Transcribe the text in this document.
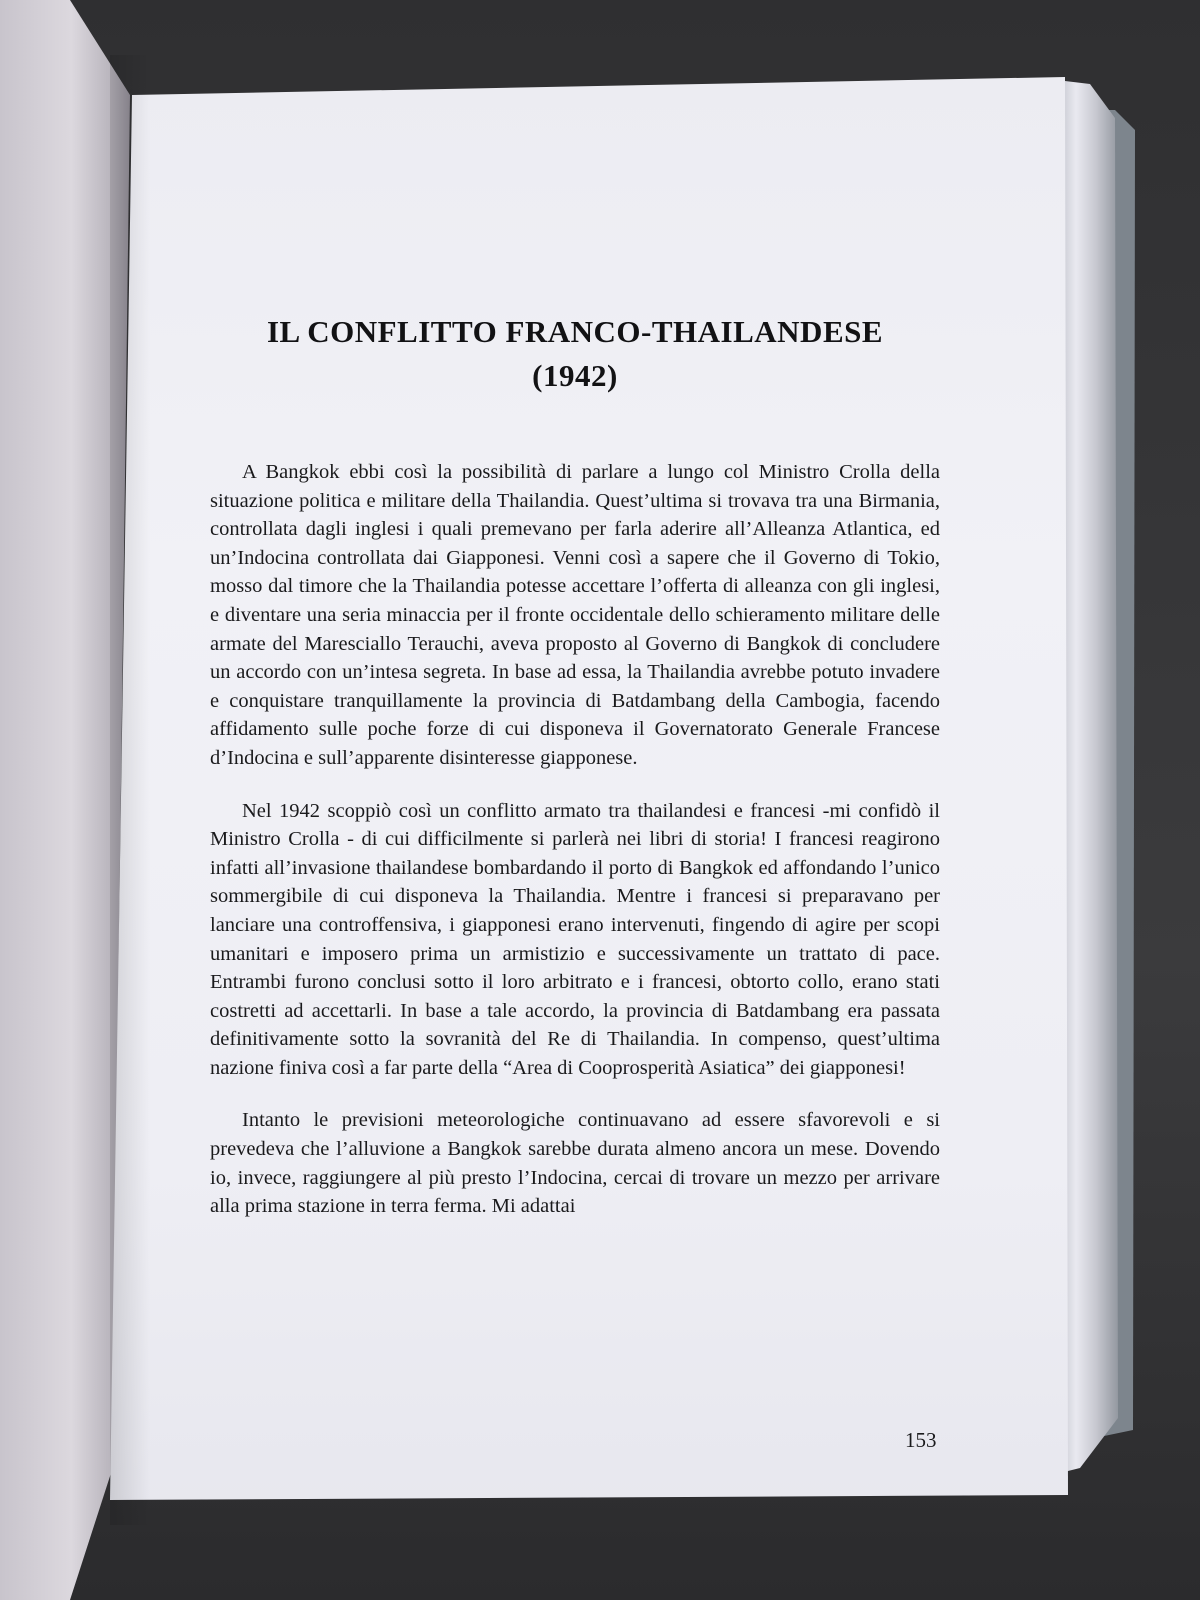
IL CONFLITTO FRANCO-THAILANDESE
(1942)

A Bangkok ebbi così la possibilità di parlare a lungo col Ministro Crolla della situazione politica e militare della Thailandia. Quest’ultima si trovava tra una Birmania, controllata dagli inglesi i quali premevano per farla aderire all’Alleanza Atlantica, ed un’Indocina controllata dai Giapponesi. Venni così a sapere che il Governo di Tokio, mosso dal timore che la Thailandia potesse accettare l’offerta di alleanza con gli inglesi, e diventare una seria minaccia per il fronte occidentale dello schieramento militare delle armate del Maresciallo Terauchi, aveva proposto al Governo di Bangkok di concludere un accordo con un’intesa segreta. In base ad essa, la Thailandia avrebbe potuto invadere e conquistare tranquillamente la provincia di Batdambang della Cambogia, facendo affidamento sulle poche forze di cui disponeva il Governatorato Generale Francese d’Indocina e sull’apparente disinteresse giapponese.

Nel 1942 scoppiò così un conflitto armato tra thailandesi e francesi -mi confidò il Ministro Crolla - di cui difficilmente si parlerà nei libri di storia! I francesi reagirono infatti all’invasione thailandese bombardando il porto di Bangkok ed affondando l’unico sommergibile di cui disponeva la Thailandia. Mentre i francesi si preparavano per lanciare una controffensiva, i giapponesi erano intervenuti, fingendo di agire per scopi umanitari e imposero prima un armistizio e successivamente un trattato di pace. Entrambi furono conclusi sotto il loro arbitrato e i francesi, obtorto collo, erano stati costretti ad accettarli. In base a tale accordo, la provincia di Batdambang era passata definitivamente sotto la sovranità del Re di Thailandia. In compenso, quest’ultima nazione finiva così a far parte della “Area di Cooprosperità Asiatica” dei giapponesi!

Intanto le previsioni meteorologiche continuavano ad essere sfavorevoli e si prevedeva che l’alluvione a Bangkok sarebbe durata almeno ancora un mese. Dovendo io, invece, raggiungere al più presto l’Indocina, cercai di trovare un mezzo per arrivare alla prima stazione in terra ferma. Mi adattai

153
